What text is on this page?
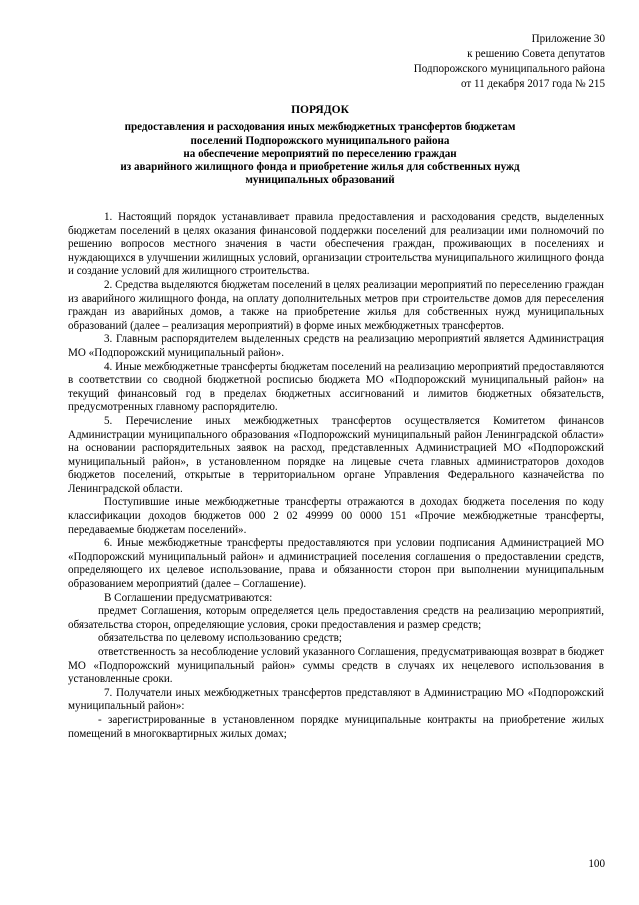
Приложение 30
к решению Совета депутатов
Подпорожского муниципального района
от 11 декабря 2017 года № 215
ПОРЯДОК
предоставления и расходования иных межбюджетных трансфертов бюджетам
поселений Подпорожского муниципального района
на обеспечение мероприятий по переселению граждан
из аварийного жилищного фонда и приобретение жилья для собственных нужд
муниципальных образований

1. Настоящий порядок устанавливает правила предоставления и расходования средств, выделенных бюджетам поселений в целях оказания финансовой поддержки поселений для реализации ими полномочий по решению вопросов местного значения в части обеспечения граждан, проживающих в поселениях и нуждающихся в улучшении жилищных условий, организации строительства муниципального жилищного фонда и создание условий для жилищного строительства.

2. Средства выделяются бюджетам поселений в целях реализации мероприятий по переселению граждан из аварийного жилищного фонда, на оплату дополнительных метров при строительстве домов для переселения граждан из аварийных домов, а также на приобретение жилья для собственных нужд муниципальных образований (далее – реализация мероприятий) в форме иных межбюджетных трансфертов.

3. Главным распорядителем выделенных средств на реализацию мероприятий является Администрация МО «Подпорожский муниципальный район».

4. Иные межбюджетные трансферты бюджетам поселений на реализацию мероприятий предоставляются в соответствии со сводной бюджетной росписью бюджета МО «Подпорожский муниципальный район» на текущий финансовый год в пределах бюджетных ассигнований и лимитов бюджетных обязательств, предусмотренных главному распорядителю.

5. Перечисление иных межбюджетных трансфертов осуществляется Комитетом финансов Администрации муниципального образования «Подпорожский муниципальный район Ленинградской области» на основании распорядительных заявок на расход, представленных Администрацией МО «Подпорожский муниципальный район», в установленном порядке на лицевые счета главных администраторов доходов бюджетов поселений, открытые в территориальном органе Управления Федерального казначейства по Ленинградской области.

Поступившие иные межбюджетные трансферты отражаются в доходах бюджета поселения по коду классификации доходов бюджетов 000 2 02 49999 00 0000 151 «Прочие межбюджетные трансферты, передаваемые бюджетам поселений».

6. Иные межбюджетные трансферты предоставляются при условии подписания Администрацией МО «Подпорожский муниципальный район» и администрацией поселения соглашения о предоставлении средств, определяющего их целевое использование, права и обязанности сторон при выполнении муниципальным образованием мероприятий (далее – Соглашение).

В Соглашении предусматриваются:

предмет Соглашения, которым определяется цель предоставления средств на реализацию мероприятий, обязательства сторон, определяющие условия, сроки предоставления и размер средств;

обязательства по целевому использованию средств;

ответственность за несоблюдение условий указанного Соглашения, предусматривающая возврат в бюджет МО «Подпорожский муниципальный район» суммы средств в случаях их нецелевого использования в установленные сроки.

7. Получатели иных межбюджетных трансфертов представляют в Администрацию МО «Подпорожский муниципальный район»:

- зарегистрированные в установленном порядке муниципальные контракты на приобретение жилых помещений в многоквартирных жилых домах;

100
